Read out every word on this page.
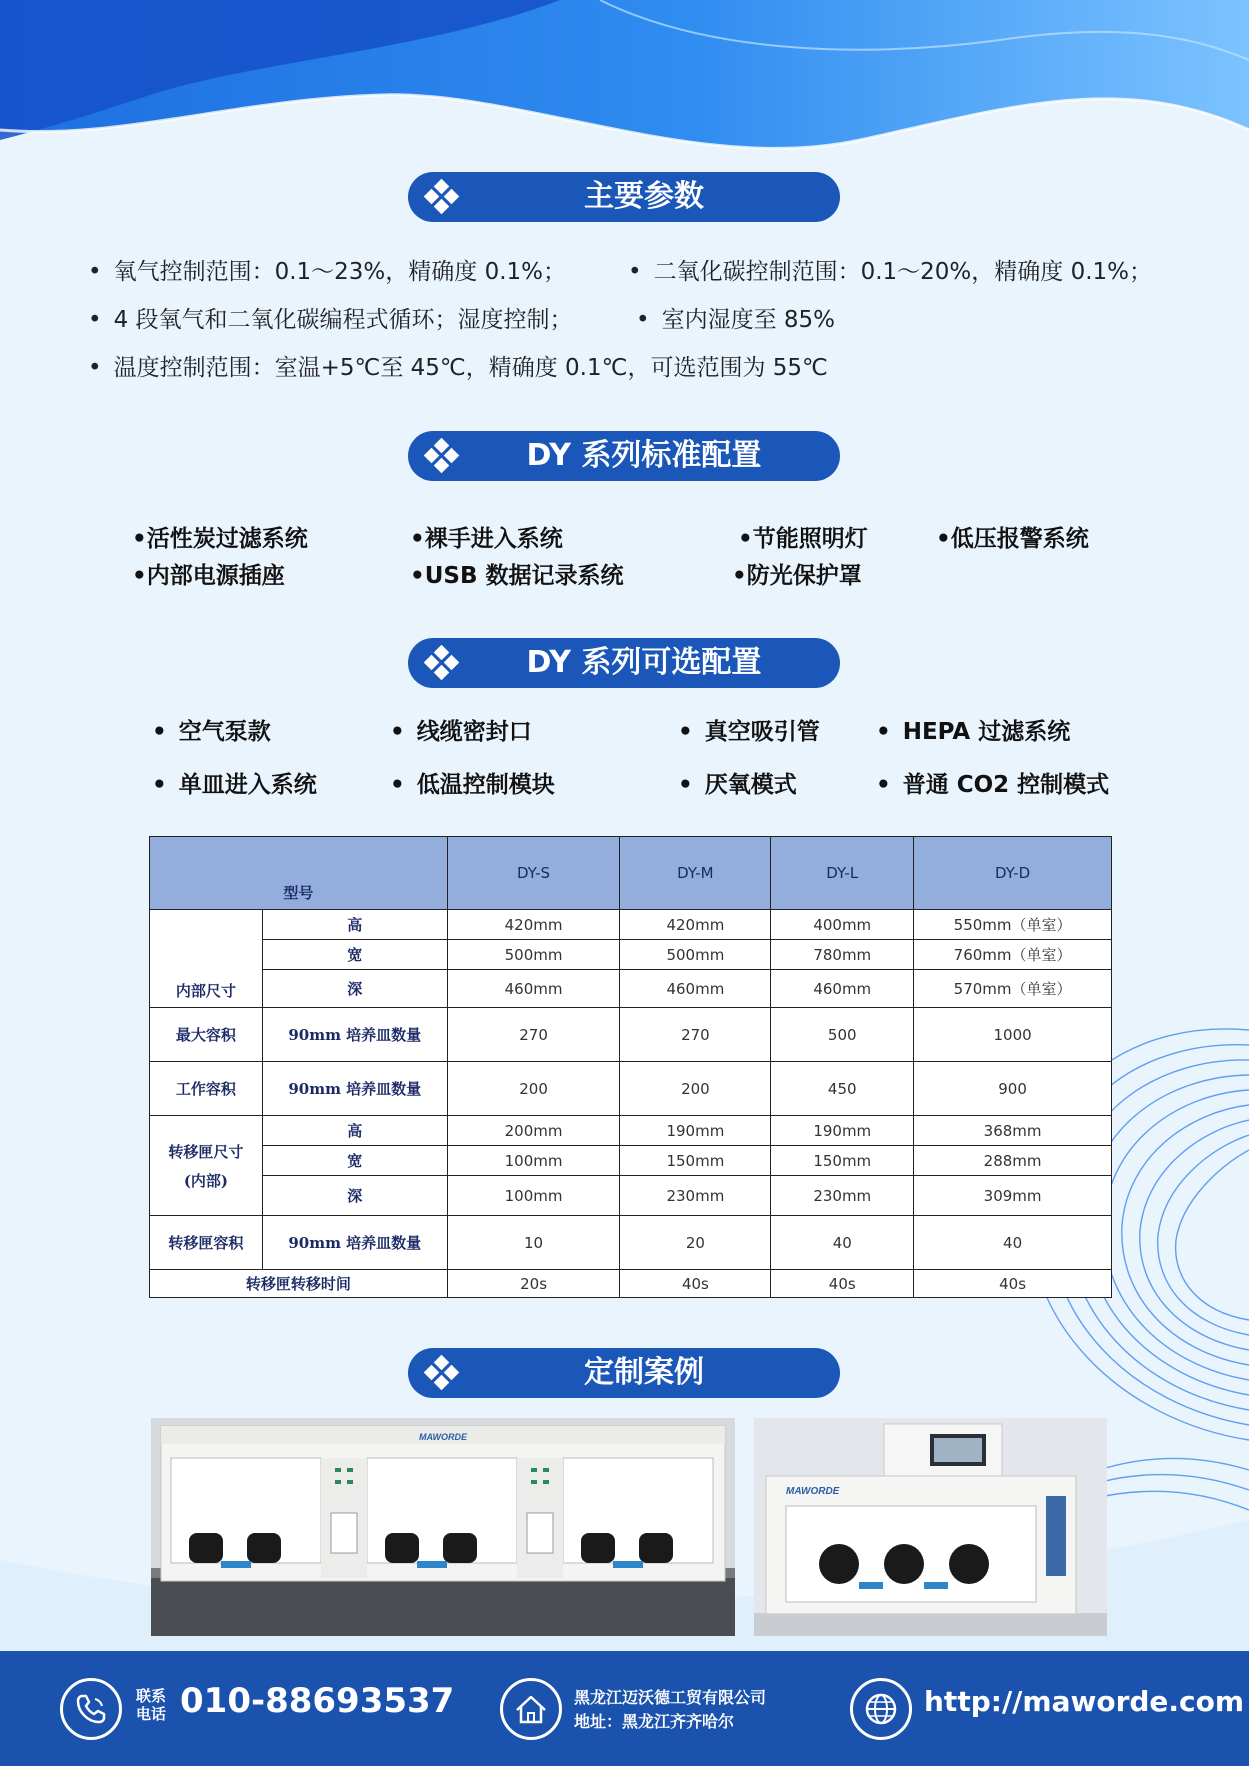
主要参数
DY 系列标准配置
DY 系列可选配置
定制案例
• 氧气控制范围：0.1～23%，精确度 0.1%；	• 二氧化碳控制范围：0.1～20%，精确度 0.1%；
• 4 段氧气和二氧化碳编程式循环；湿度控制；	• 室内湿度至 85%
• 温度控制范围：室温+5℃至 45℃，精确度 0.1℃，可选范围为 55℃
• 活性炭过滤系统	• 裸手进入系统	• 节能照明灯	• 低压报警系统
• 内部电源插座	• USB 数据记录系统	• 防光保护罩
• 空气泵款	• 线缆密封口	• 真空吸引管	• HEPA 过滤系统
• 单皿进入系统	• 低温控制模块	• 厌氧模式	• 普通 CO2 控制模式
型号		DY-S	DY-M	DY-L	DY-D
内部尺寸	高	420mm	420mm	400mm	550mm（单室）
	宽	500mm	500mm	780mm	760mm（单室）
	深	460mm	460mm	460mm	570mm（单室）
最大容积	90mm 培养皿数量	270	270	500	1000
工作容积	90mm 培养皿数量	200	200	450	900

转移匣尺寸
(内部)	高	200mm	190mm	190mm	368mm
	宽	100mm	150mm	150mm	288mm
	深	100mm	230mm	230mm	309mm
转移匣容积	90mm 培养皿数量	10	20	40	40
转移匣转移时间		20s	40s	40s	40s
MAWORDE
MAWORDE
联系
电话 010-88693537	黑龙江迈沃德工贸有限公司
地址：黑龙江齐齐哈尔
http://maworde.com
